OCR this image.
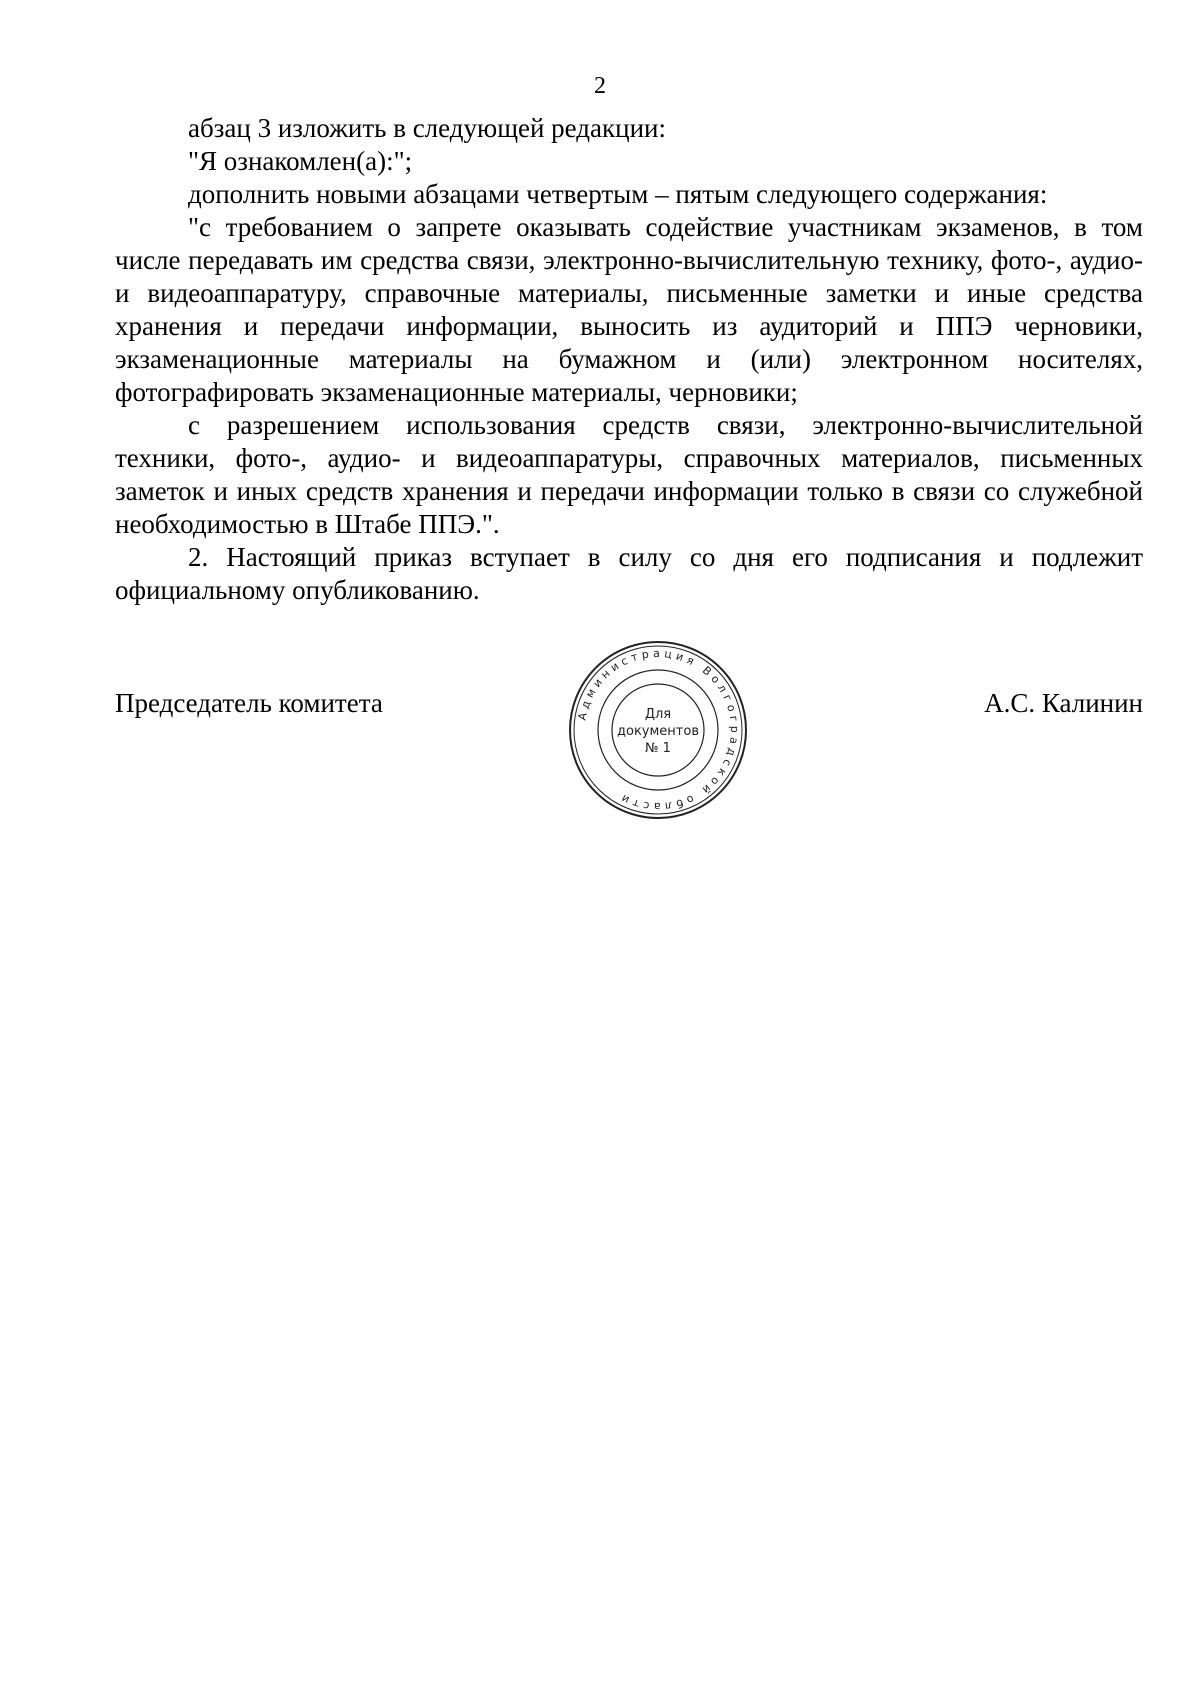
2

абзац 3 изложить в следующей редакции:

"Я ознакомлен(а):";

дополнить новыми абзацами четвертым – пятым следующего содержания:

"с требованием о запрете оказывать содействие участникам экзаменов, в том числе передавать им средства связи, электронно-вычислительную технику, фото-, аудио- и видеоаппаратуру, справочные материалы, письменные заметки и иные средства хранения и передачи информации, выносить из аудиторий и ППЭ черновики, экзаменационные материалы на бумажном и (или) электронном носителях, фотографировать экзаменационные материалы, черновики;

с разрешением использования средств связи, электронно-вычислительной техники, фото-, аудио- и видеоаппаратуры, справочных материалов, письменных заметок и иных средств хранения и передачи информации только в связи со служебной необходимостью в Штабе ППЭ.".

2. Настоящий приказ вступает в силу со дня его подписания и подлежит официальному опубликованию.

Председатель комитета	Администрация Волгоградской области
Для
документов
№ 1
А.С. Калинин
